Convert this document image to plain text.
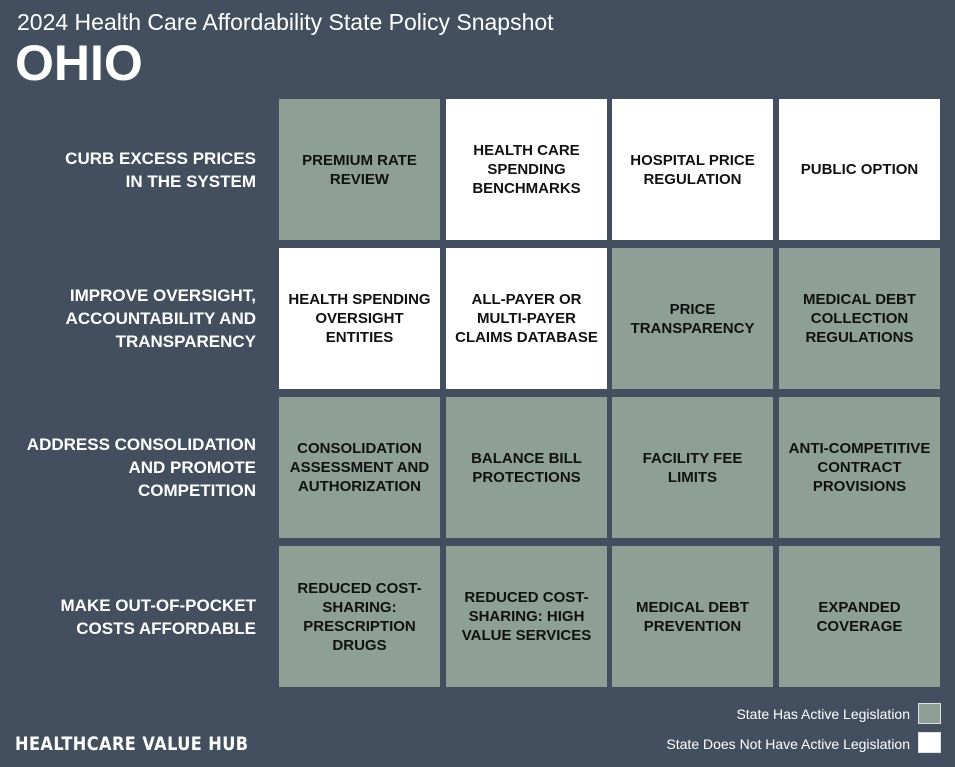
2024 Health Care Affordability State Policy Snapshot
OHIO
CURB EXCESS PRICES IN THE SYSTEM
IMPROVE OVERSIGHT, ACCOUNTABILITY AND TRANSPARENCY
ADDRESS CONSOLIDATION AND PROMOTE COMPETITION
MAKE OUT-OF-POCKET COSTS AFFORDABLE
PREMIUM RATE REVIEW
HEALTH CARE SPENDING BENCHMARKS
HOSPITAL PRICE REGULATION
PUBLIC OPTION
HEALTH SPENDING OVERSIGHT ENTITIES
ALL-PAYER OR MULTI-PAYER CLAIMS DATABASE
PRICE TRANSPARENCY
MEDICAL DEBT COLLECTION REGULATIONS
CONSOLIDATION ASSESSMENT AND AUTHORIZATION
BALANCE BILL PROTECTIONS
FACILITY FEE LIMITS
ANTI-COMPETITIVE CONTRACT PROVISIONS
REDUCED COST-SHARING: PRESCRIPTION DRUGS
REDUCED COST-SHARING: HIGH VALUE SERVICES
MEDICAL DEBT PREVENTION
EXPANDED COVERAGE
State Has Active Legislation
State Does Not Have Active Legislation
HEALTHCARE VALUE HUB
